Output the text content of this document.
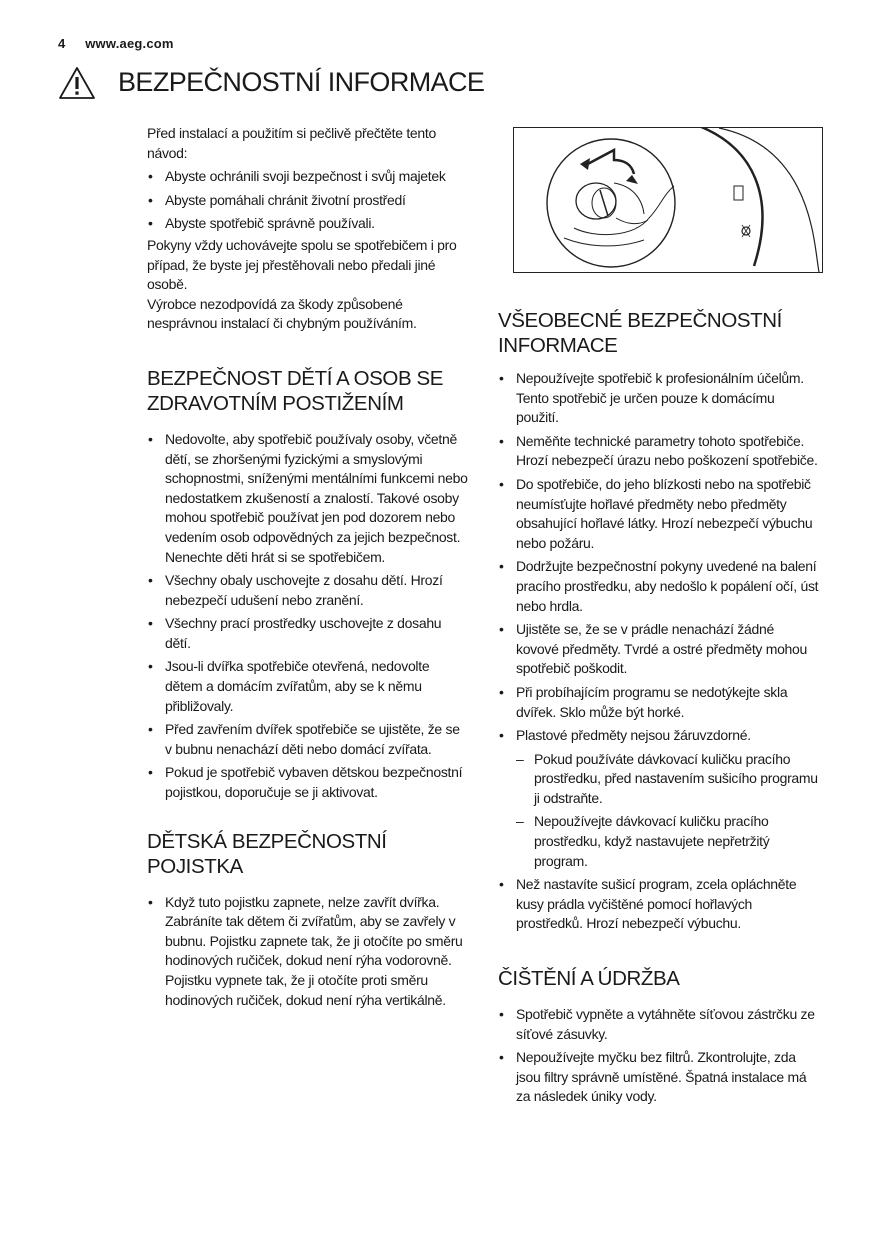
4 www.aeg.com
BEZPEČNOSTNÍ INFORMACE

Před instalací a použitím si pečlivě přečtěte tento návod:

• Abyste ochránili svoji bezpečnost i svůj majetek
• Abyste pomáhali chránit životní prostředí
• Abyste spotřebič správně používali.

Pokyny vždy uchovávejte spolu se spotřebičem i pro případ, že byste jej přestěhovali nebo předali jiné osobě.

Výrobce nezodpovídá za škody způsobené nesprávnou instalací či chybným používáním.

BEZPEČNOST DĚTÍ A OSOB SE ZDRAVOTNÍM POSTIŽENÍM
• Nedovolte, aby spotřebič používaly osoby, včetně dětí, se zhoršenými fyzickými a smyslovými schopnostmi, sníženými mentálními funkcemi nebo nedostatkem zkušeností a znalostí. Takové osoby mohou spotřebič používat jen pod dozorem nebo vedením osob odpovědných za jejich bezpečnost. Nenechte děti hrát si se spotřebičem.
• Všechny obaly uschovejte z dosahu dětí. Hrozí nebezpečí udušení nebo zranění.
• Všechny prací prostředky uschovejte z dosahu dětí.
• Jsou-li dvířka spotřebiče otevřená, nedovolte dětem a domácím zvířatům, aby se k němu přibližovaly.
• Před zavřením dvířek spotřebiče se ujistěte, že se v bubnu nenachází děti nebo domácí zvířata.
• Pokud je spotřebič vybaven dětskou bezpečnostní pojistkou, doporučuje se ji aktivovat.
DĚTSKÁ BEZPEČNOSTNÍ POJISTKA
• Když tuto pojistku zapnete, nelze zavřít dvířka. Zabráníte tak dětem či zvířatům, aby se zavřely v bubnu. Pojistku zapnete tak, že ji otočíte po směru hodinových ručiček, dokud není rýha vodorovně. Pojistku vypnete tak, že ji otočíte proti směru hodinových ručiček, dokud není rýha vertikálně.
VŠEOBECNÉ BEZPEČNOSTNÍ INFORMACE
• Nepoužívejte spotřebič k profesionálním účelům. Tento spotřebič je určen pouze k domácímu použití.
• Neměňte technické parametry tohoto spotřebiče. Hrozí nebezpečí úrazu nebo poškození spotřebiče.
• Do spotřebiče, do jeho blízkosti nebo na spotřebič neumísťujte hořlavé předměty nebo předměty obsahující hořlavé látky. Hrozí nebezpečí výbuchu nebo požáru.
• Dodržujte bezpečnostní pokyny uvedené na balení pracího prostředku, aby nedošlo k popálení očí, úst nebo hrdla.
• Ujistěte se, že se v prádle nenachází žádné kovové předměty. Tvrdé a ostré předměty mohou spotřebič poškodit.
• Při probíhajícím programu se nedotýkejte skla dvířek. Sklo může být horké.
• Plastové předměty nejsou žáruvzdorné.
– Pokud používáte dávkovací kuličku pracího prostředku, před nastavením sušicího programu ji odstraňte.
– Nepoužívejte dávkovací kuličku pracího prostředku, když nastavujete nepřetržitý program.
• Než nastavíte sušicí program, zcela opláchněte kusy prádla vyčištěné pomocí hořlavých prostředků. Hrozí nebezpečí výbuchu.
ČIŠTĚNÍ A ÚDRŽBA
• Spotřebič vypněte a vytáhněte síťovou zástrčku ze síťové zásuvky.
• Nepoužívejte myčku bez filtrů. Zkontrolujte, zda jsou filtry správně umístěné. Špatná instalace má za následek úniky vody.
